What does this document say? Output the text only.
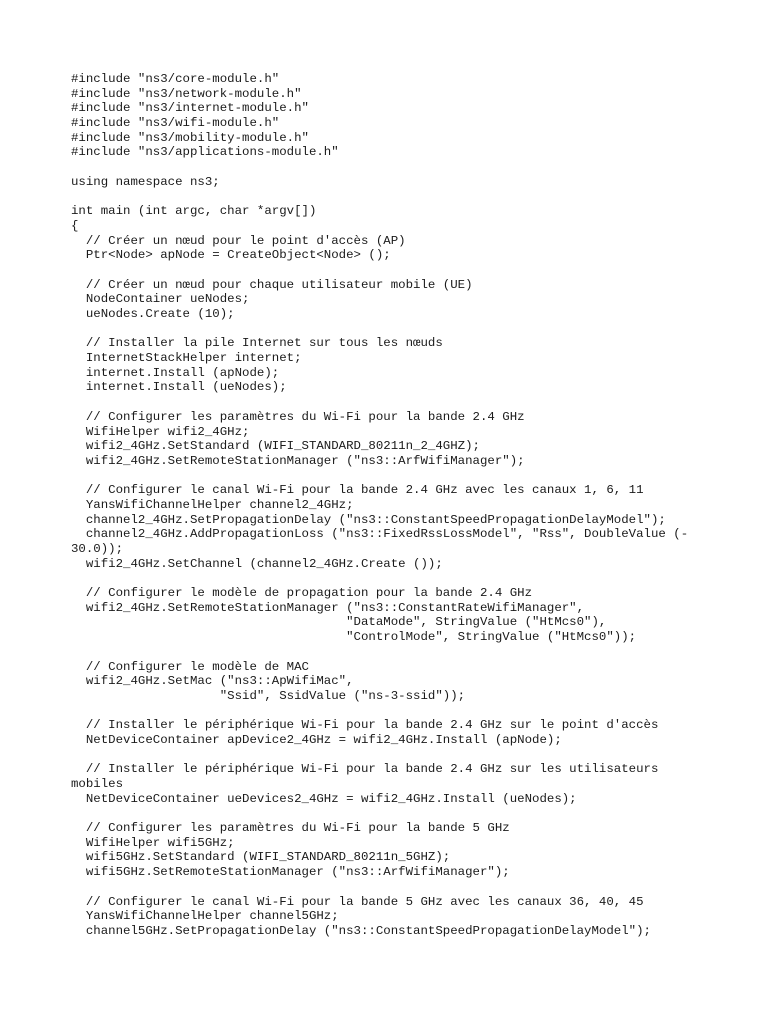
#include "ns3/core-module.h"
#include "ns3/network-module.h"
#include "ns3/internet-module.h"
#include "ns3/wifi-module.h"
#include "ns3/mobility-module.h"
#include "ns3/applications-module.h"
using namespace ns3;
int main (int argc, char *argv[])
{
// Créer un nœud pour le point d'accès (AP)
Ptr<Node> apNode = CreateObject<Node> ();
// Créer un nœud pour chaque utilisateur mobile (UE)
NodeContainer ueNodes;
ueNodes.Create (10);
// Installer la pile Internet sur tous les nœuds
InternetStackHelper internet;
internet.Install (apNode);
internet.Install (ueNodes);
// Configurer les paramètres du Wi-Fi pour la bande 2.4 GHz
WifiHelper wifi2_4GHz;
wifi2_4GHz.SetStandard (WIFI_STANDARD_80211n_2_4GHZ);
wifi2_4GHz.SetRemoteStationManager ("ns3::ArfWifiManager");
// Configurer le canal Wi-Fi pour la bande 2.4 GHz avec les canaux 1, 6, 11
YansWifiChannelHelper channel2_4GHz;
channel2_4GHz.SetPropagationDelay ("ns3::ConstantSpeedPropagationDelayModel");
channel2_4GHz.AddPropagationLoss ("ns3::FixedRssLossModel", "Rss", DoubleValue (-
30.0));
wifi2_4GHz.SetChannel (channel2_4GHz.Create ());
// Configurer le modèle de propagation pour la bande 2.4 GHz
wifi2_4GHz.SetRemoteStationManager ("ns3::ConstantRateWifiManager",
"DataMode", StringValue ("HtMcs0"),
"ControlMode", StringValue ("HtMcs0"));
// Configurer le modèle de MAC
wifi2_4GHz.SetMac ("ns3::ApWifiMac",
"Ssid", SsidValue ("ns-3-ssid"));
// Installer le périphérique Wi-Fi pour la bande 2.4 GHz sur le point d'accès
NetDeviceContainer apDevice2_4GHz = wifi2_4GHz.Install (apNode);
// Installer le périphérique Wi-Fi pour la bande 2.4 GHz sur les utilisateurs
mobiles
NetDeviceContainer ueDevices2_4GHz = wifi2_4GHz.Install (ueNodes);
// Configurer les paramètres du Wi-Fi pour la bande 5 GHz
WifiHelper wifi5GHz;
wifi5GHz.SetStandard (WIFI_STANDARD_80211n_5GHZ);
wifi5GHz.SetRemoteStationManager ("ns3::ArfWifiManager");
// Configurer le canal Wi-Fi pour la bande 5 GHz avec les canaux 36, 40, 45
YansWifiChannelHelper channel5GHz;
channel5GHz.SetPropagationDelay ("ns3::ConstantSpeedPropagationDelayModel");
